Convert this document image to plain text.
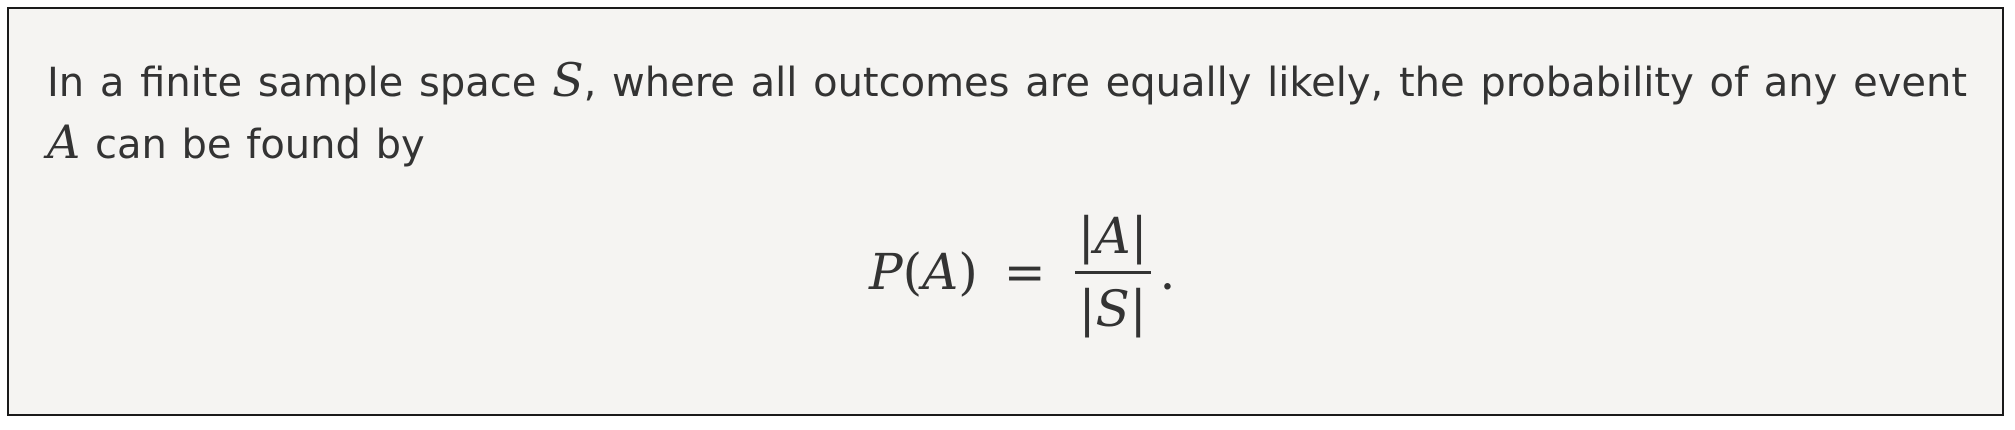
In a finite sample space S, where all outcomes are equally likely, the probability of any event A can be found by
$P(A) = \frac{|A|}{|S|}$ .
